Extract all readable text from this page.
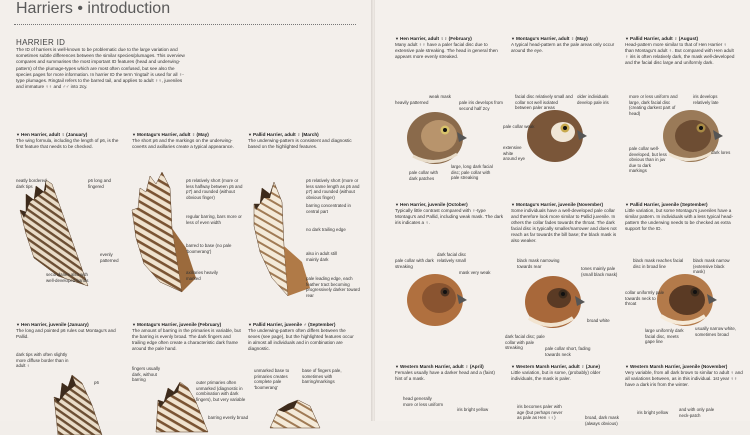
Harriers • introduction
HARRIER ID
The ID of harriers is well-known to be problematic due to the large variation and sometimes subtle differences between the similar species/plumages. This overview compares and summarises the most important ID features (head and underwing-pattern) of the plumage-types which are most often confused, but see also the species pages for more information. In harrier ID the term 'ringtail' is used for all ♀-type plumages. Ringtail refers to the barred tail, and applies to adult ♀♀, juveniles and immature ♀♀ and ♂♂ into 2cy.
▼Hen Harrier, adult ♀ (January)
The wing formula, including the length of p6, is the first feature that needs to be checked.
▼Montagu's Harrier, adult ♀ (May)
The short p6 and the markings on the underwing-coverts and axillaries create a typical appearance.
▼Pallid Harrier, adult ♀ (March)
The underwing-pattern is consistent and diagnostic based on the highlighted features.
neatly bordered dark tips
p6 long and fingered
evenly patterned
secondaries also with well-developed bands
p6 relatively short (more or less halfway between p5 and p7) and rounded (without obvious finger)
regular barring, bars more or less of even width
barred to base (no pale 'boomerang')
axillaries heavily marked
p6 relatively short (more or less same length as p5 and p7) and rounded (without obvious finger)
barring concentrated in central part
no dark trailing edge
also in adult still mainly dark
pale leading edge, each feather tract becoming progressively darker toward rear
▼Hen Harrier, juvenile (January)
The long and pointed p6 rules out Montagu's and Pallid.
▼Montagu's Harrier, juvenile (February)
The amount of barring in the primaries is variable, but the barring is evenly broad. The dark fingers and trailing edge often create a characteristic dark frame around the pale hand.
▼Pallid Harrier, juvenile ♂ (September)
The underwing-pattern often differs between the sexes (see page), but the highlighted features occur in almost all individuals and in combination are diagnostic.
dark tips with often slightly more diffuse border than in adult ♀
p6
fingers usually dark, without barring
outer primaries often unmarked (diagnostic in combination with dark fingers), but very variable
barring evenly broad
unmarked base to primaries creates complete pale 'boomerang'
base of fingers pale, sometimes with barring/markings
▼Hen Harrier, adult ♀♀ (February)
Many adult ♀♀ have a paler facial disc due to extensive pale streaking. The head in general then appears more evenly streaked.
▼Montagu's Harrier, adult ♀ (May)
A typical head-pattern as the pale areas only occur around the eye.
▼Pallid Harrier, adult ♀ (August)
Head-pattern more similar to that of Hen Harrier ♀ than Montagu's adult ♀. But compared with Hen adult ♀ iris is often relatively dark, the mask well-developed and the facial disc large and uniformly dark.
weak mask
heavily patterned	pale iris develops from second half 2cy
pale collar with dark patches
large, long dark facial disc; pale collar with pale streaking
facial disc relatively small and collar not well isolated between paler areas
older individuals develop pale iris
pale collar weak
extensive white around eye
more or less uniform and large, dark facial disc (creating darkest part of head)
iris develops relatively late
pale collar well-developed, but less obvious than in juv due to dark markings
dark lores
▼Hen Harrier, juvenile (October)
Typically little contrast compared with ♀-type Montagu's and Pallid, including weak mask. The dark iris indicates a ♀.
▼Montagu's Harrier, juvenile (November)
Some individuals have a well-developed pale collar and therefore look more similar to Pallid juvenile. In others the collar fades towards the throat. The dark facial disc is typically smaller/narrower and does not reach as far towards the bill base; the black mask is also weaker.
▼Pallid Harrier, juvenile (September)
Little variation, but some Montagu's juveniles have a similar pattern. In individuals with a less typical head-pattern the underwing needs to be checked as extra support for the ID.
pale collar with dark streaking
dark facial disc relatively small
mask very weak
black mask narrowing towards rear
dark facial disc; pale collar with pale streaking
tones mainly pale (small black mask)
pale collar short, fading towards neck
broad white
black mask reaches facial disc in broad line
black mask narrow (extensive black mask)
collar uniformly pale towards neck to throat
large uniformly dark facial disc, meets gape line
usually narrow white, sometimes broad
▼Western Marsh Harrier, adult ♀ (April)
Females usually have a darker head and a (faint) hint of a mask.
▼Western Marsh Harrier, adult ♀ (June)
Little variation, but in some, (probably) older individuals, the mask is paler.
▼Western Marsh Harrier, juvenile (November)
Very variable, from all dark brown to similar to adult ♀ and all variations between, as in this individual. 1st year ♀♀ have a dark iris from the winter.
head generally more or less uniform
iris bright yellow
iris becomes paler with age (but perhaps never as pale as Hen ♀♀)	broad, dark mask (always obvious)
iris bright yellow
and with only pale neck-patch
